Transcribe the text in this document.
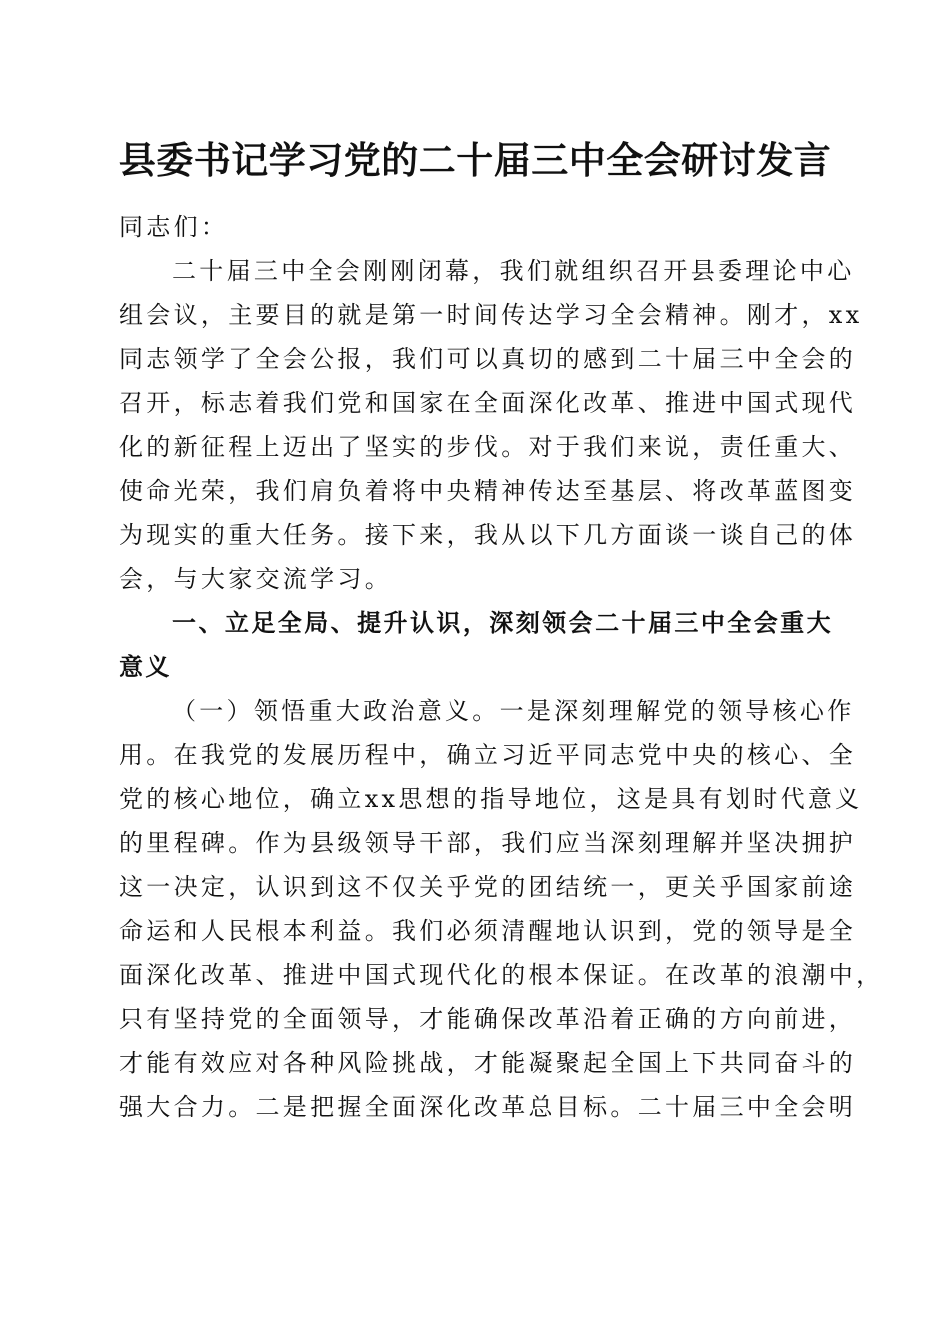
县委书记学习党的二十届三中全会研讨发言
同志们：
二十届三中全会刚刚闭幕，我们就组织召开县委理论中心
组会议，主要目的就是第一时间传达学习全会精神。刚才，xx
同志领学了全会公报，我们可以真切的感到二十届三中全会的
召开，标志着我们党和国家在全面深化改革、推进中国式现代
化的新征程上迈出了坚实的步伐。对于我们来说，责任重大、
使命光荣，我们肩负着将中央精神传达至基层、将改革蓝图变
为现实的重大任务。接下来，我从以下几方面谈一谈自己的体
会，与大家交流学习。
一、立足全局、提升认识，深刻领会二十届三中全会重大
意义
（一）领悟重大政治意义。一是深刻理解党的领导核心作
用。在我党的发展历程中，确立习近平同志党中央的核心、全
党的核心地位，确立xx思想的指导地位，这是具有划时代意义
的里程碑。作为县级领导干部，我们应当深刻理解并坚决拥护
这一决定，认识到这不仅关乎党的团结统一，更关乎国家前途
命运和人民根本利益。我们必须清醒地认识到，党的领导是全
面深化改革、推进中国式现代化的根本保证。在改革的浪潮中，
只有坚持党的全面领导，才能确保改革沿着正确的方向前进，
才能有效应对各种风险挑战，才能凝聚起全国上下共同奋斗的
强大合力。二是把握全面深化改革总目标。二十届三中全会明
